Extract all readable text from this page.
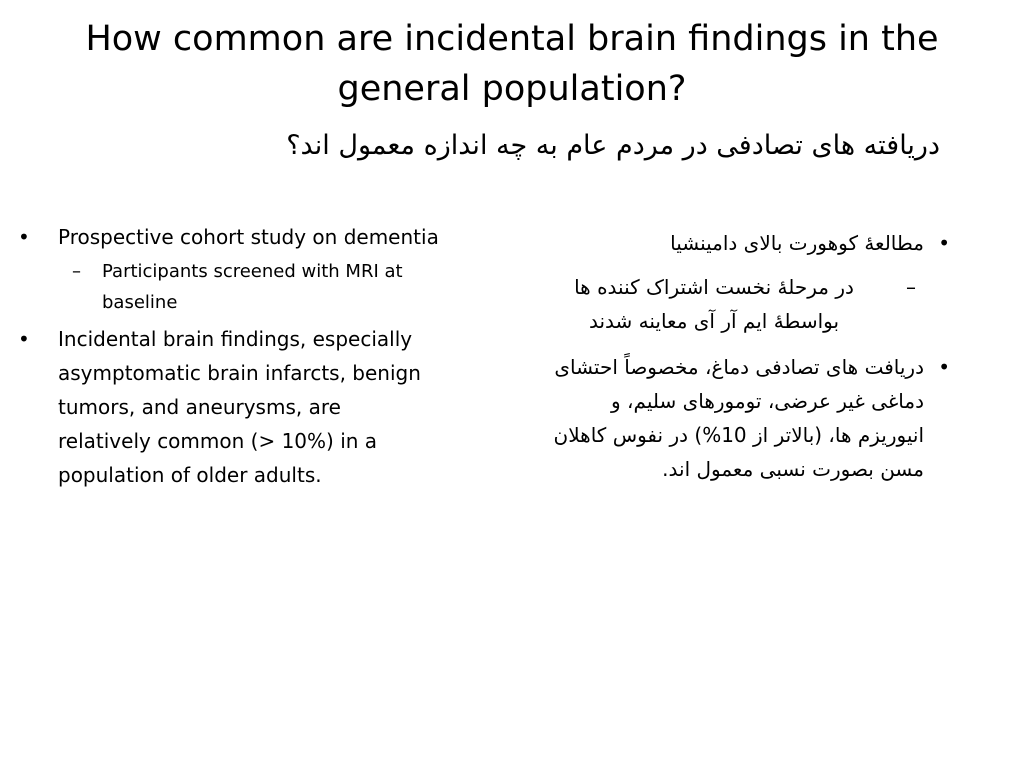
How common are incidental brain findings in the general population?
دریافته های تصادفی در مردم عام به چه اندازه معمول اند؟
• Prospective cohort study on dementia
– Participants screened with MRI at baseline
• Incidental brain findings, especially asymptomatic brain infarcts, benign tumors, and aneurysms, are relatively common (> 10%) in a population of older adults.
•
مطالعۀ کوهورت بالای دامینشیا
–
در مرحلۀ نخست اشتراک کننده ها بواسطۀ ایم آر آی معاینه شدند
•
دریافت های تصادفی دماغ، مخصوصاً احتشای دماغی غیر عرضی، تومورهای سلیم، و انیوریزم ها، (بالاتر از 10%) در نفوس کاهلان مسن بصورت نسبی معمول اند.
